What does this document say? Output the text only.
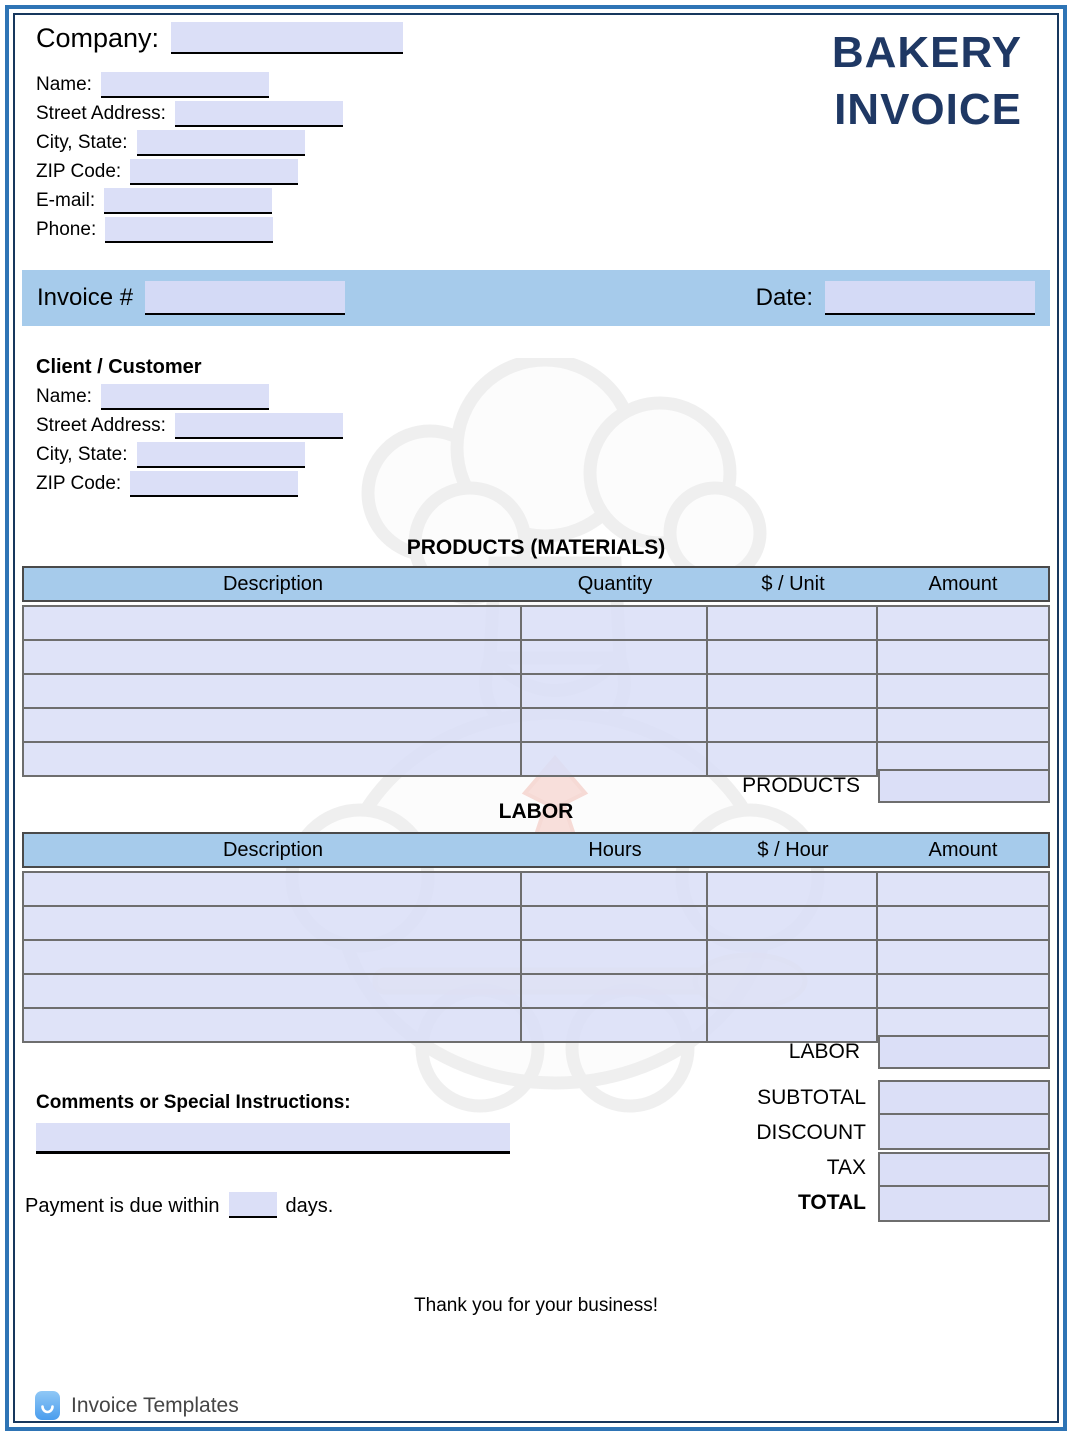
Company:
Name:
Street Address:
City, State:
ZIP Code:
E-mail:
Phone:
BAKERY
INVOICE
Invoice #	Date:
Client / Customer
Name:
Street Address:
City, State:
ZIP Code:
PRODUCTS (MATERIALS)
Description	Quantity	$ / Unit	Amount
PRODUCTS
LABOR
Description	Hours	$ / Hour	Amount
LABOR
SUBTOTAL
DISCOUNT
TAX
TOTAL
Comments or Special Instructions:
Payment is due within	days.
Thank you for your business!
Invoice Templates
